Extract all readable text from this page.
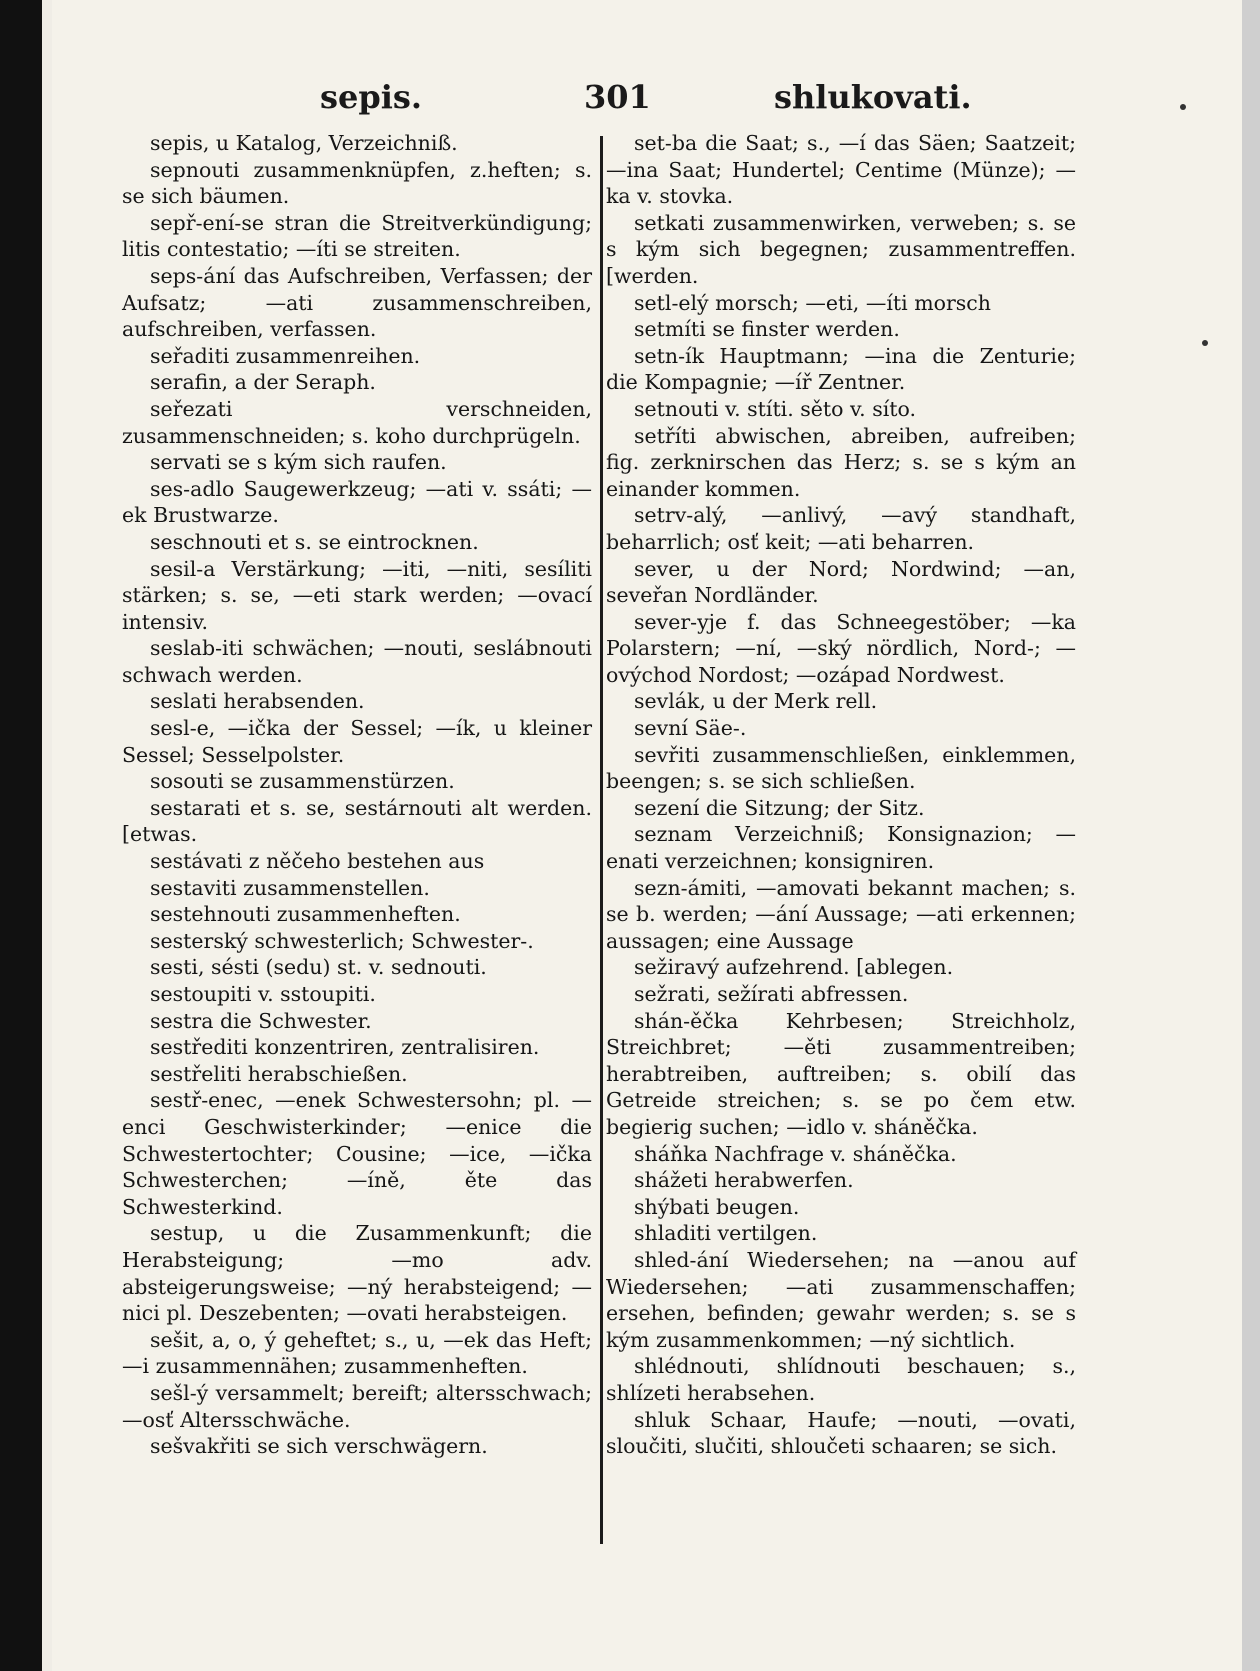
sepis.	301	shlukovati.

sepis, u Katalog, Verzeichniß.

sepnouti zusammenknüpfen, z.heften; s. se sich bäumen.

sepř-ení-se stran die Streitverkündigung; litis contestatio; —íti se streiten.

seps-ání das Aufschreiben, Verfassen; der Aufsatz; —ati zusammenschreiben, aufschreiben, verfassen.

seřaditi zusammenreihen.

serafin, a der Seraph.

seřezati verschneiden, zusammenschneiden; s. koho durchprügeln.

servati se s kým sich raufen.

ses-adlo Saugewerkzeug; —ati v. ssáti; —ek Brustwarze.

seschnouti et s. se eintrocknen.

sesil-a Verstärkung; —iti, —niti, sesíliti stärken; s. se, —eti stark werden; —ovací intensiv.

seslab-iti schwächen; —nouti, seslábnouti schwach werden.

seslati herabsenden.

sesl-e, —ička der Sessel; —ík, u kleiner Sessel; Sesselpolster.

sosouti se zusammenstürzen.

sestarati et s. se, sestárnouti alt werden. [etwas.

sestávati z něčeho bestehen aus

sestaviti zusammenstellen.

sestehnouti zusammenheften.

sesterský schwesterlich; Schwester-.

sesti, sésti (sedu) st. v. sednouti.

sestoupiti v. sstoupiti.

sestra die Schwester.

sestřediti konzentriren, zentralisiren.

sestřeliti herabschießen.

sestř-enec, —enek Schwestersohn; pl. —enci Geschwisterkinder; —enice die Schwestertochter; Cousine; —ice, —ička Schwesterchen; —íně, ěte das Schwesterkind.

sestup, u die Zusammenkunft; die Herabsteigung; —mo adv. absteigerungsweise; —ný herabsteigend; —nici pl. Deszebenten; —ovati herabsteigen.

sešit, a, o, ý geheftet; s., u, —ek das Heft; —i zusammennähen; zusammenheften.

sešl-ý versammelt; bereift; altersschwach; —osť Altersschwäche.

sešvakřiti se sich verschwägern.

set-ba die Saat; s., —í das Säen; Saatzeit; —ina Saat; Hundertel; Centime (Münze); —ka v. stovka.

setkati zusammenwirken, verweben; s. se s kým sich begegnen; zusammentreffen. [werden.

setl-elý morsch; —eti, —íti morsch

setmíti se finster werden.

setn-ík Hauptmann; —ina die Zenturie; die Kompagnie; —íř Zentner.

setnouti v. stíti. sěto v. síto.

setříti abwischen, abreiben, aufreiben; fig. zerknirschen das Herz; s. se s kým an einander kommen.

setrv-alý, —anlivý, —avý standhaft, beharrlich; osť keit; —ati beharren.

sever, u der Nord; Nordwind; —an, seveřan Nordländer.

sever-yje f. das Schneegestöber; —ka Polarstern; —ní, —ský nördlich, Nord-; —ovýchod Nordost; —ozápad Nordwest.

sevlák, u der Merk rell.

sevní Säe-.

sevřiti zusammenschließen, einklemmen, beengen; s. se sich schließen.

sezení die Sitzung; der Sitz.

seznam Verzeichniß; Konsignazion; —enati verzeichnen; konsigniren.

sezn-ámiti, —amovati bekannt machen; s. se b. werden; —ání Aussage; —ati erkennen; aussagen; eine Aussage

sežiravý aufzehrend. [ablegen.

sežrati, sežírati abfressen.

shán-ěčka Kehrbesen; Streichholz, Streichbret; —ěti zusammentreiben; herabtreiben, auftreiben; s. obilí das Getreide streichen; s. se po čem etw. begierig suchen; —idlo v. sháněčka.

sháňka Nachfrage v. sháněčka.

shážeti herabwerfen.

shýbati beugen.

shladiti vertilgen.

shled-ání Wiedersehen; na —anou auf Wiedersehen; —ati zusammenschaffen; ersehen, befinden; gewahr werden; s. se s kým zusammenkommen; —ný sichtlich.

shlédnouti, shlídnouti beschauen; s., shlízeti herabsehen.

shluk Schaar, Haufe; —nouti, —ovati, sloučiti, slučiti, shloučeti schaaren; se sich.
